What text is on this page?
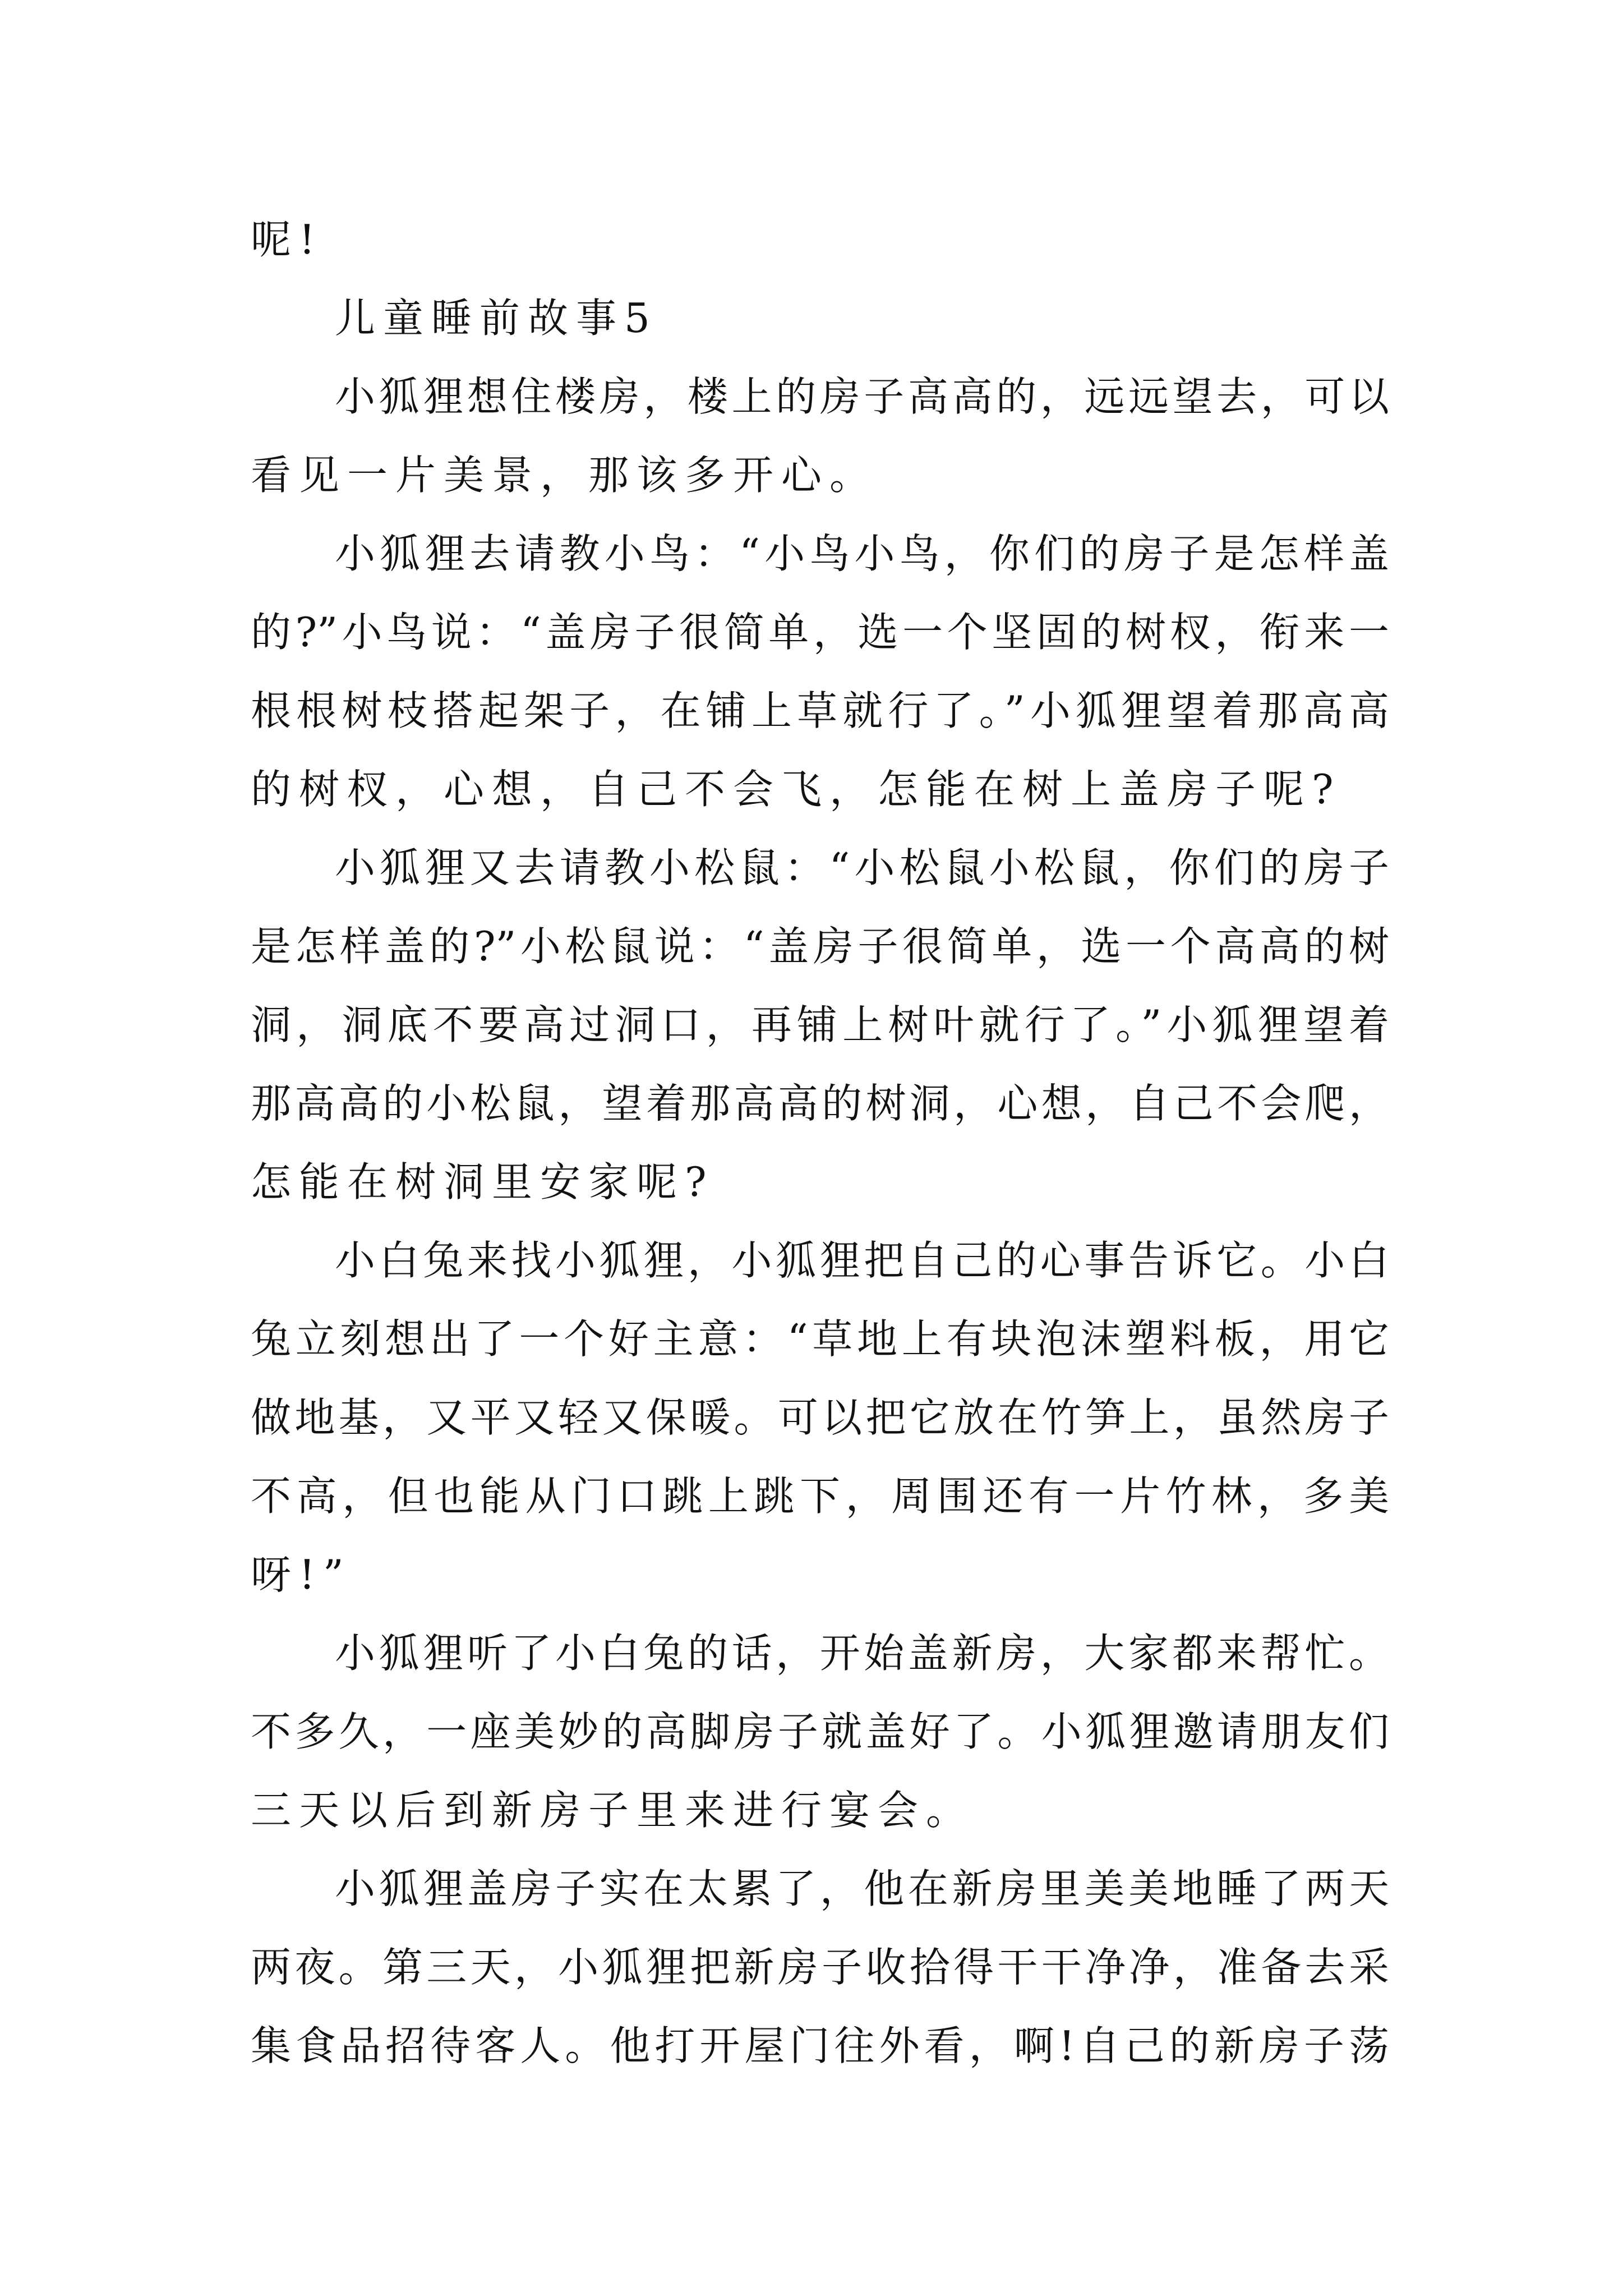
呢!
儿童睡前故事5
小狐狸想住楼房，楼上的房子高高的，远远望去，可以
看见一片美景，那该多开心。
小狐狸去请教小鸟：“小鸟小鸟，你们的房子是怎样盖
的?”小鸟说：“盖房子很简单，选一个坚固的树杈，衔来一
根根树枝搭起架子，在铺上草就行了。”小狐狸望着那高高
的树杈，心想，自己不会飞，怎能在树上盖房子呢?
小狐狸又去请教小松鼠：“小松鼠小松鼠，你们的房子
是怎样盖的?”小松鼠说：“盖房子很简单，选一个高高的树
洞，洞底不要高过洞口，再铺上树叶就行了。”小狐狸望着
那高高的小松鼠，望着那高高的树洞，心想，自己不会爬，
怎能在树洞里安家呢?
小白兔来找小狐狸，小狐狸把自己的心事告诉它。小白
兔立刻想出了一个好主意：“草地上有块泡沫塑料板，用它
做地基，又平又轻又保暖。可以把它放在竹笋上，虽然房子
不高，但也能从门口跳上跳下，周围还有一片竹林，多美
呀!”
小狐狸听了小白兔的话，开始盖新房，大家都来帮忙。
不多久，一座美妙的高脚房子就盖好了。小狐狸邀请朋友们
三天以后到新房子里来进行宴会。
小狐狸盖房子实在太累了，他在新房里美美地睡了两天
两夜。第三天，小狐狸把新房子收拾得干干净净，准备去采
集食品招待客人。他打开屋门往外看，啊!自己的新房子荡
